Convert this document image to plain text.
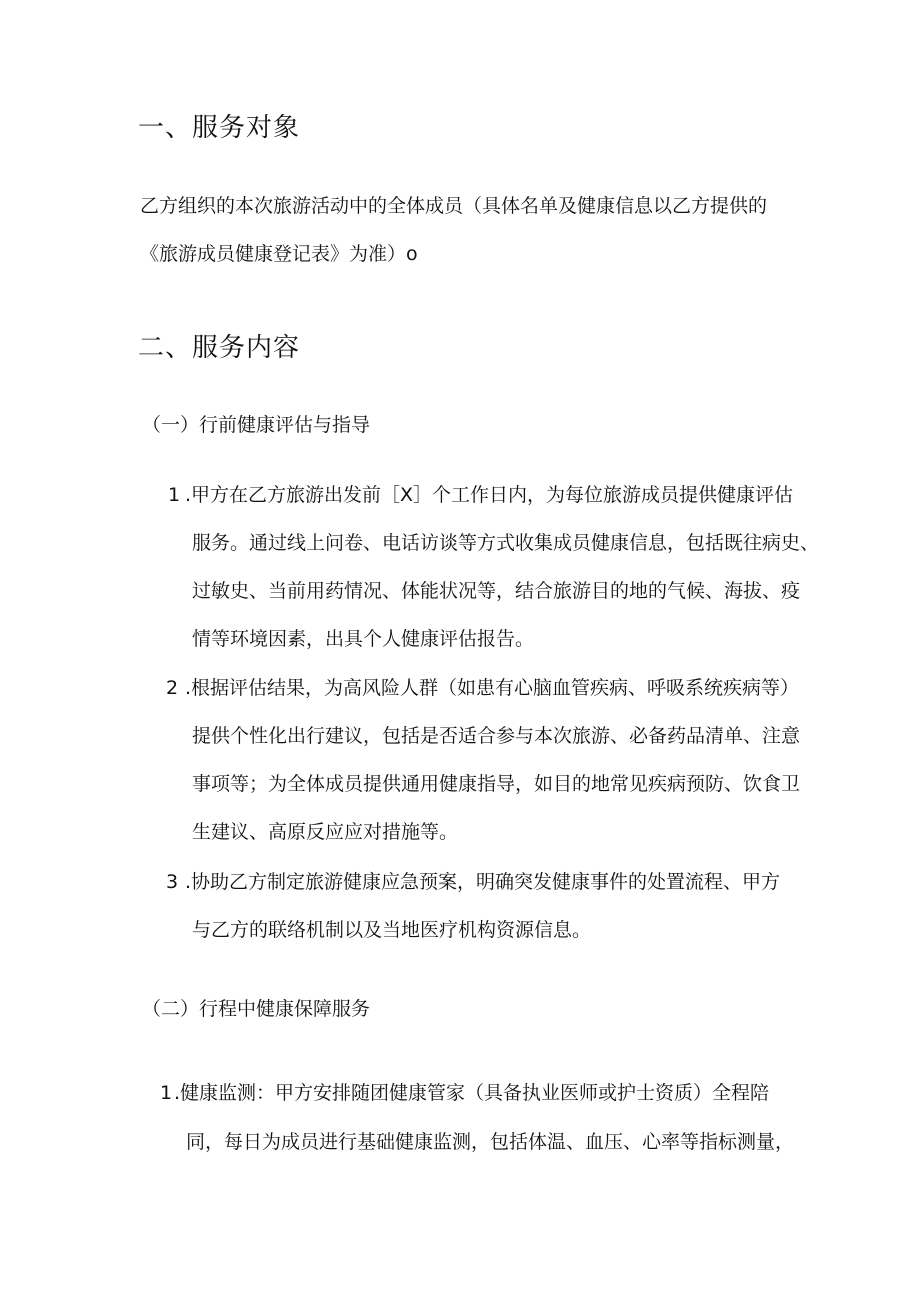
一、服务对象
乙方组织的本次旅游活动中的全体成员（具体名单及健康信息以乙方提供的
《旅游成员健康登记表》为准）o
二、服务内容
（一）行前健康评估与指导
1 .甲方在乙方旅游出发前［X］个工作日内，为每位旅游成员提供健康评估
服务。通过线上问卷、电话访谈等方式收集成员健康信息，包括既往病史、
过敏史、当前用药情况、体能状况等，结合旅游目的地的气候、海拔、疫
情等环境因素，出具个人健康评估报告。
2 .根据评估结果，为高风险人群（如患有心脑血管疾病、呼吸系统疾病等）
提供个性化出行建议，包括是否适合参与本次旅游、必备药品清单、注意
事项等；为全体成员提供通用健康指导，如目的地常见疾病预防、饮食卫
生建议、高原反应应对措施等。
3 .协助乙方制定旅游健康应急预案，明确突发健康事件的处置流程、甲方
与乙方的联络机制以及当地医疗机构资源信息。
（二）行程中健康保障服务
1 .健康监测：甲方安排随团健康管家（具备执业医师或护士资质）全程陪
同，每日为成员进行基础健康监测，包括体温、血压、心率等指标测量，
